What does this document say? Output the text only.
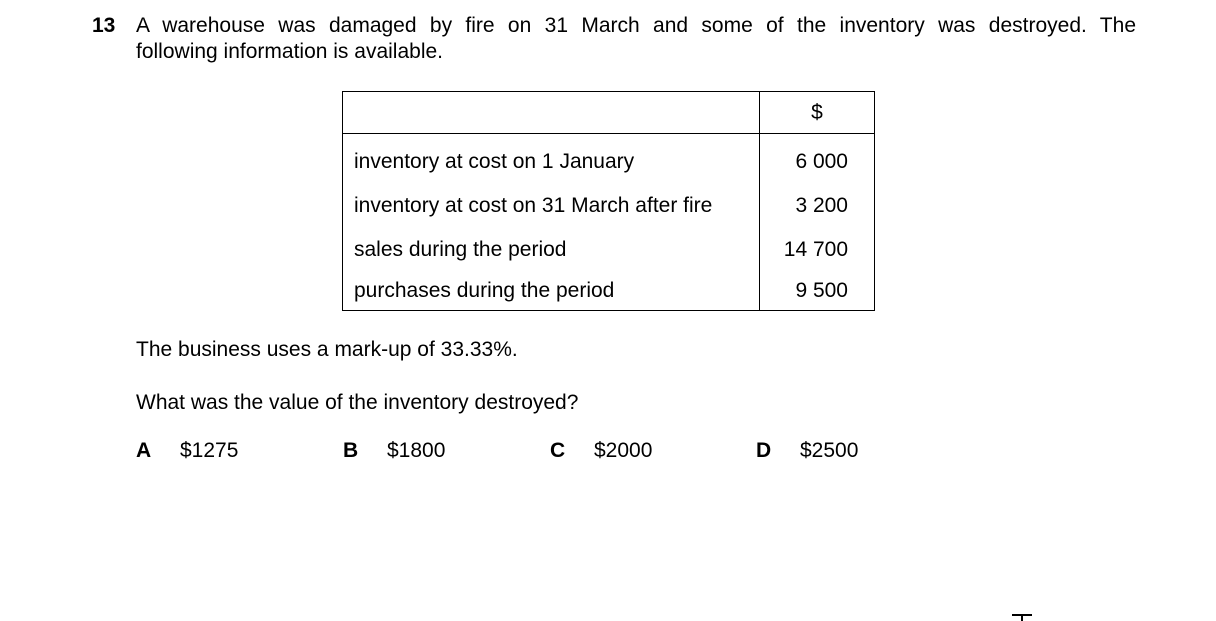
13 A warehouse was damaged by fire on 31 March and some of the inventory was destroyed. The
following information is available.
	$
inventory at cost on 1 January	6 000
inventory at cost on 31 March after fire	3 200
sales during the period	14 700
purchases during the period	9 500
The business uses a mark-up of 33.33%.
What was the value of the inventory destroyed?
A $1275	B $1800	C $2000	D $2500
